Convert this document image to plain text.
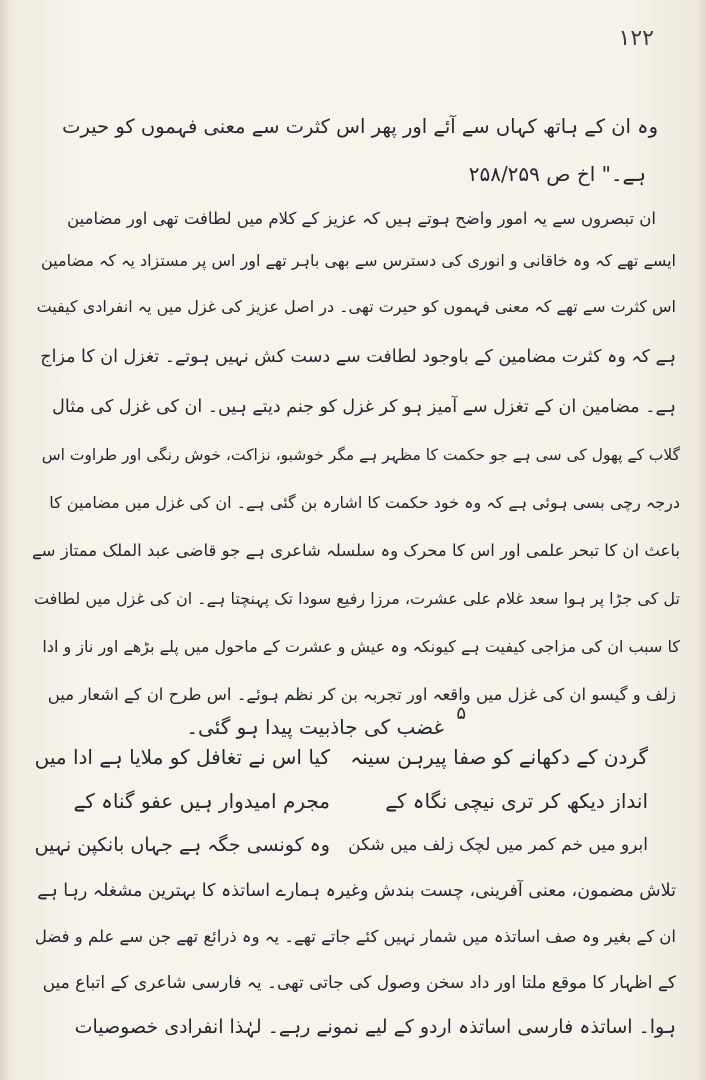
۱۲۲
وہ ان کے ہاتھ کہاں سے آئے اور پھر اس کثرت سے معنی فہموں کو حیرت
ہے۔" اخ ص ۲۵۸/۲۵۹
ان تبصروں سے یہ امور واضح ہوتے ہیں کہ عزیز کے کلام میں لطافت تھی اور مضامین
ایسے تھے کہ وہ خاقانی و انوری کی دسترس سے بھی باہر تھے اور اس پر مستزاد یہ کہ مضامین
اس کثرت سے تھے کہ معنی فہموں کو حیرت تھی۔ در اصل عزیز کی غزل میں یہ انفرادی کیفیت
ہے کہ وہ کثرت مضامین کے باوجود لطافت سے دست کش نہیں ہوتے۔ تغزل ان کا مزاج
ہے۔ مضامین ان کے تغزل سے آمیز ہو کر غزل کو جنم دیتے ہیں۔ ان کی غزل کی مثال
گلاب کے پھول کی سی ہے جو حکمت کا مظہر ہے مگر خوشبو، نزاکت، خوش رنگی اور طراوت اس
درجہ رچی بسی ہوئی ہے کہ وہ خود حکمت کا اشارہ بن گئی ہے۔ ان کی غزل میں مضامین کا
باعث ان کا تبحر علمی اور اس کا محرک وہ سلسلہ شاعری ہے جو قاضی عبد الملک ممتاز سے
تل کی جڑا پر ہوا سعد غلام علی عشرت، مرزا رفیع سودا تک پہنچتا ہے۔ ان کی غزل میں لطافت
کا سبب ان کی مزاجی کیفیت ہے کیونکہ وہ عیش و عشرت کے ماحول میں پلے بڑھے اور ناز و ادا
زلف و گیسو ان کی غزل میں واقعہ اور تجربہ بن کر نظم ہوئے۔ اس طرح ان کے اشعار میں
غضب کی جاذبیت پیدا ہو گئی۔
۵
گردن کے دکھانے کو صفا پیرہن سینہ
کیا اس نے تغافل کو ملایا ہے ادا میں
انداز دیکھ کر تری نیچی نگاہ کے
مجرم امیدوار ہیں عفو گناہ کے
ابرو میں خم کمر میں لچک زلف میں شکن
وہ کونسی جگہ ہے جہاں بانکپن نہیں
تلاش مضمون، معنی آفرینی، چست بندش وغیرہ ہمارے اساتذہ کا بہترین مشغلہ رہا ہے
ان کے بغیر وہ صف اساتذہ میں شمار نہیں کئے جاتے تھے۔ یہ وہ ذرائع تھے جن سے علم و فضل
کے اظہار کا موقع ملتا اور داد سخن وصول کی جاتی تھی۔ یہ فارسی شاعری کے اتباع میں
ہوا۔ اساتذہ فارسی اساتذہ اردو کے لیے نمونے رہے۔ لہٰذا انفرادی خصوصیات
